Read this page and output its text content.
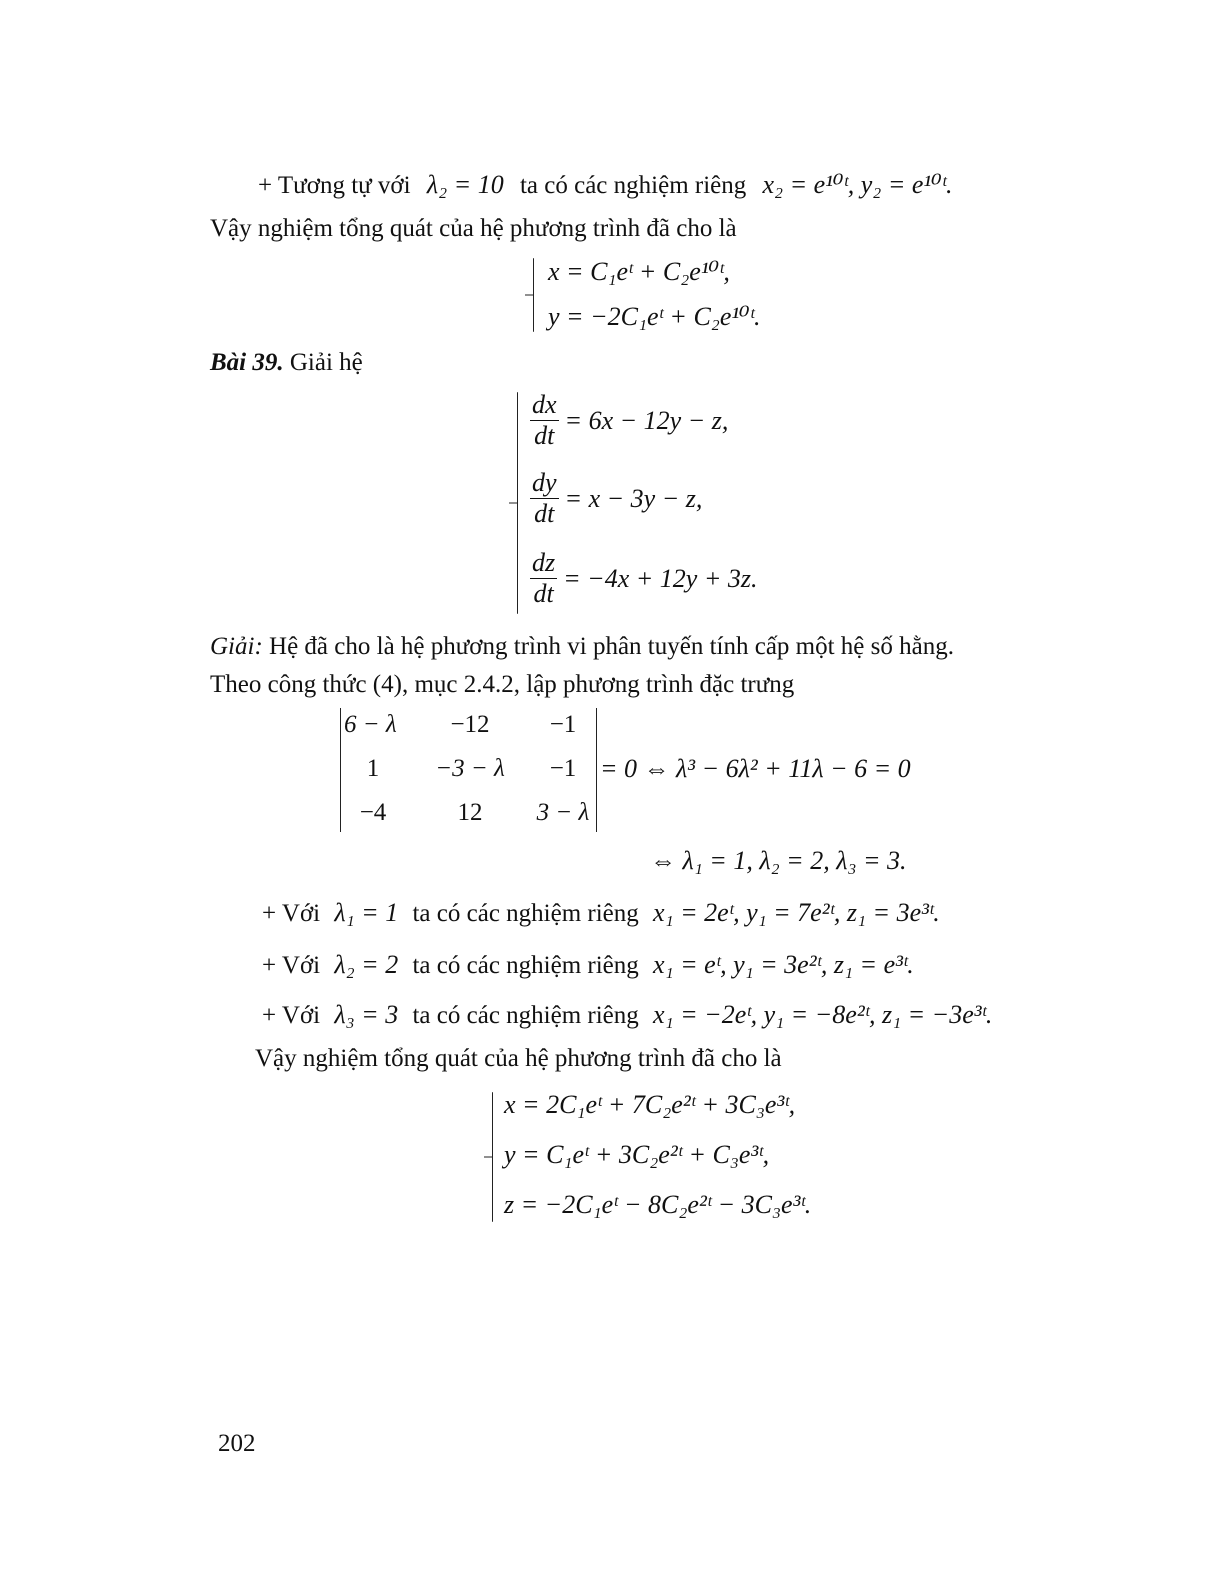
+ Tương tự với λ₂ = 10 ta có các nghiệm riêng x₂ = e¹⁰ᵗ, y₂ = e¹⁰ᵗ.
Vậy nghiệm tổng quát của hệ phương trình đã cho là
x = C₁eᵗ + C₂e¹⁰ᵗ,
y = −2C₁eᵗ + C₂e¹⁰ᵗ.
Bài 39. Giải hệ
$\frac{dx}{dt} = 6x - 12y - z$,
$\frac{dy}{dt} = x - 3y - z$,
$\frac{dz}{dt} = -4x + 12y + 3z$.
Giải: Hệ đã cho là hệ phương trình vi phân tuyến tính cấp một hệ số hằng.
Theo công thức (4), mục 2.4.2, lập phương trình đặc trưng
6 − λ	−12	−1
1	−3 − λ	−1
−4	12	3 − λ
= 0 ⇔ λ³ − 6λ² + 11λ − 6 = 0
⇔ λ₁ = 1, λ₂ = 2, λ₃ = 3.
+ Với λ₁ = 1 ta có các nghiệm riêng x₁ = 2eᵗ, y₁ = 7e²ᵗ, z₁ = 3e³ᵗ.
+ Với λ₂ = 2 ta có các nghiệm riêng x₁ = eᵗ, y₁ = 3e²ᵗ, z₁ = e³ᵗ.
+ Với λ₃ = 3 ta có các nghiệm riêng x₁ = −2eᵗ, y₁ = −8e²ᵗ, z₁ = −3e³ᵗ.
Vậy nghiệm tổng quát của hệ phương trình đã cho là
x = 2C₁eᵗ + 7C₂e²ᵗ + 3C₃e³ᵗ,
y = C₁eᵗ + 3C₂e²ᵗ + C₃e³ᵗ,
z = −2C₁eᵗ − 8C₂e²ᵗ − 3C₃e³ᵗ.
202
